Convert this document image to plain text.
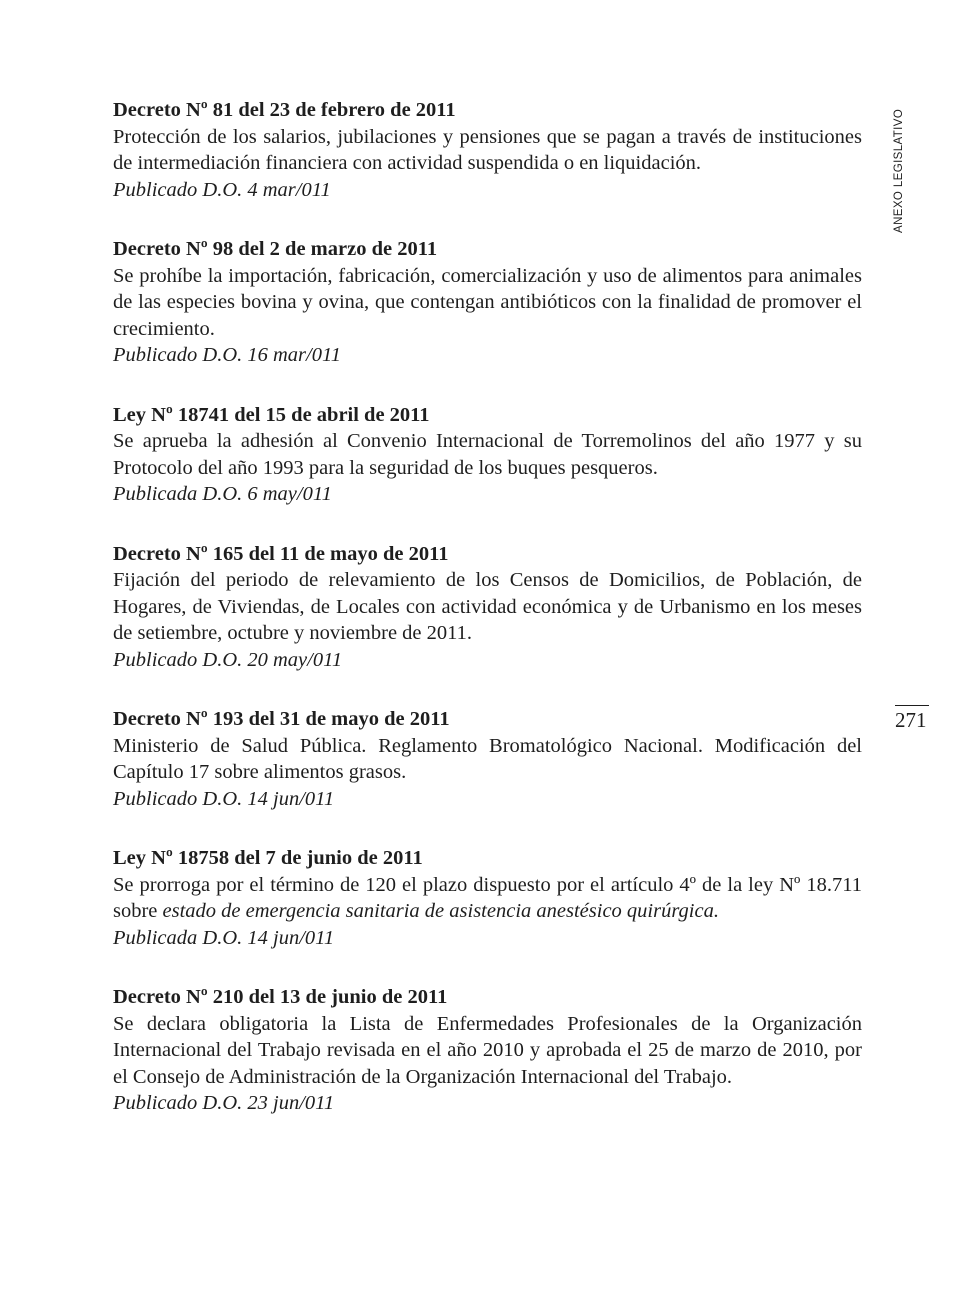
Decreto Nº 81 del 23 de febrero de 2011
Protección de los salarios, jubilaciones y pensiones que se pagan a través de instituciones de intermediación financiera con actividad suspendida o en liquidación.
Publicado D.O. 4 mar/011
Decreto Nº 98 del 2 de marzo de 2011
Se prohíbe la importación, fabricación, comercialización y uso de alimentos para animales de las especies bovina y ovina, que contengan antibióticos con la finalidad de promover el crecimiento.
Publicado D.O. 16 mar/011
Ley Nº 18741 del 15 de abril de 2011
Se aprueba la adhesión al Convenio Internacional de Torremolinos del año 1977 y su Protocolo del año 1993 para la seguridad de los buques pesqueros.
Publicada D.O. 6 may/011
Decreto Nº 165 del 11 de mayo de 2011
Fijación del periodo de relevamiento de los Censos de Domicilios, de Población, de Hogares, de Viviendas, de Locales con actividad económica y de Urbanismo en los meses de setiembre, octubre y noviembre de 2011.
Publicado D.O. 20 may/011
Decreto Nº 193 del 31 de mayo de 2011
Ministerio de Salud Pública. Reglamento Bromatológico Nacional. Modificación del Capítulo 17 sobre alimentos grasos.
Publicado D.O. 14 jun/011
Ley Nº 18758 del 7 de junio de 2011
Se prorroga por el término de 120 el plazo dispuesto por el artículo 4º de la ley Nº 18.711 sobre estado de emergencia sanitaria de asistencia anestésico quirúrgica.
Publicada D.O. 14 jun/011
Decreto Nº 210 del 13 de junio de 2011
Se declara obligatoria la Lista de Enfermedades Profesionales de la Organización Internacional del Trabajo revisada en el año 2010 y aprobada el 25 de marzo de 2010, por el Consejo de Administración de la Organización Internacional del Trabajo.
Publicado D.O. 23 jun/011
ANEXO LEGISLATIVO
271
